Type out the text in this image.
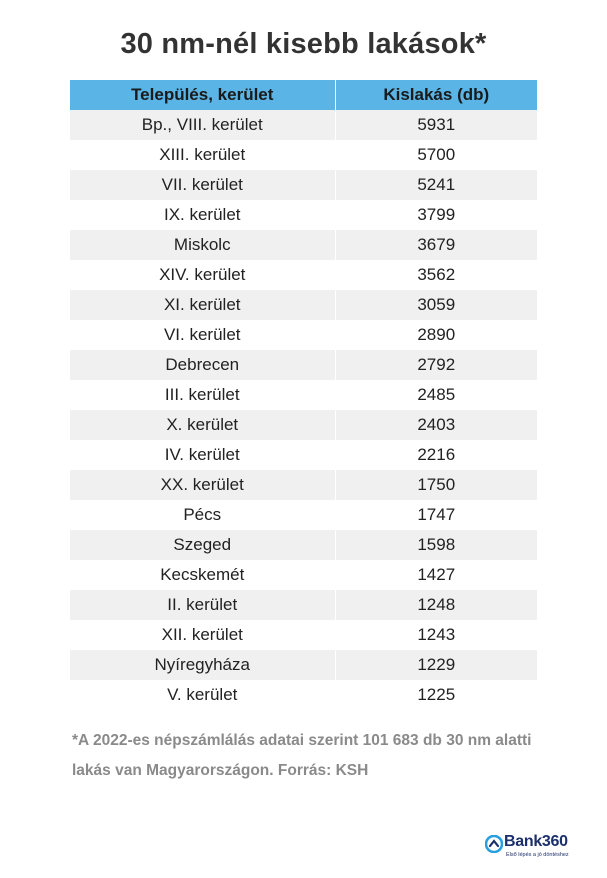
30 nm-nél kisebb lakások*
Település, kerület	Kislakás (db)
Bp., VIII. kerület	5931
XIII. kerület	5700
VII. kerület	5241
IX. kerület	3799
Miskolc	3679
XIV. kerület	3562
XI. kerület	3059
VI. kerület	2890
Debrecen	2792
III. kerület	2485
X. kerület	2403
IV. kerület	2216
XX. kerület	1750
Pécs	1747
Szeged	1598
Kecskemét	1427
II. kerület	1248
XII. kerület	1243
Nyíregyháza	1229
V. kerület	1225
*A 2022-es népszámlálás adatai szerint 101 683 db 30 nm alatti lakás van Magyarországon. Forrás: KSH
Bank360
Első lépés a jó döntéshez
